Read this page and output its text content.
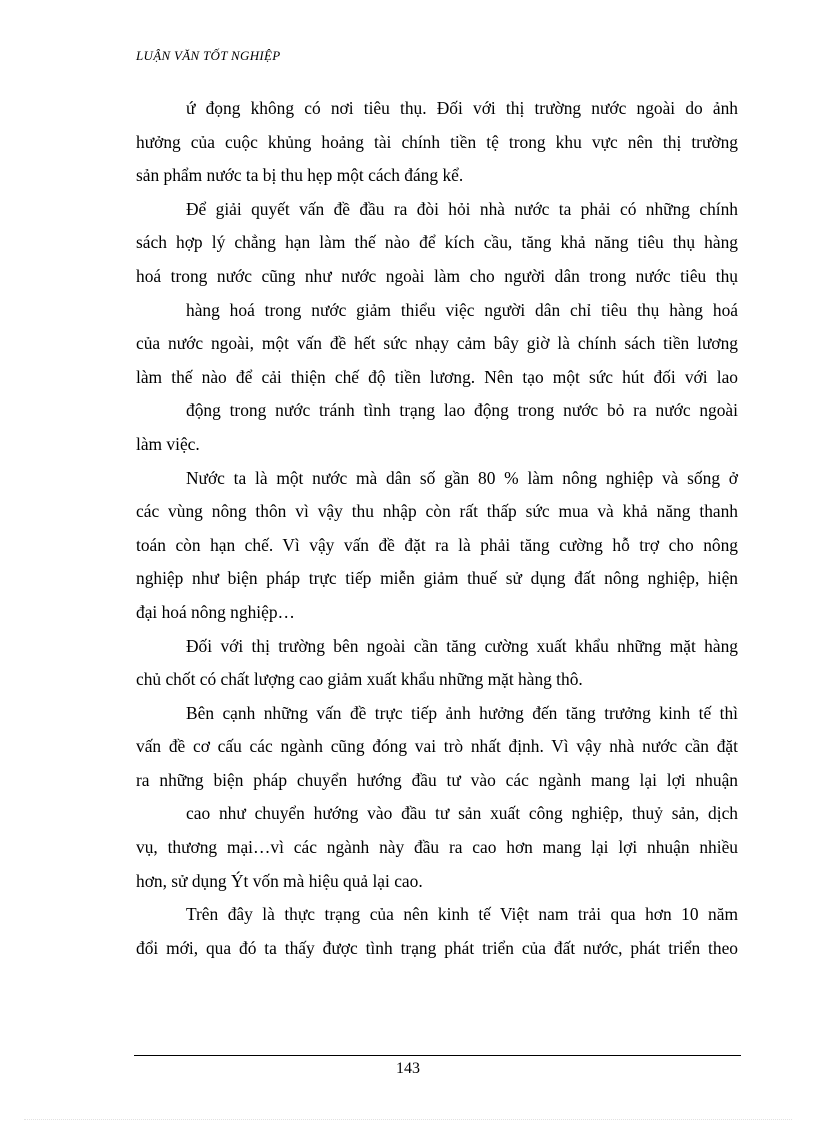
LUẬN VĂN TỐT NGHIỆP
ứ đọng không có nơi tiêu thụ. Đối với thị trường nước ngoài do ảnh
hưởng của cuộc khủng hoảng tài chính tiền tệ trong khu vực nên thị trường
sản phẩm nước ta bị thu hẹp một cách đáng kể.
Để giải quyết vấn đề đầu ra đòi hỏi nhà nước ta phải có những chính
sách hợp lý chẳng hạn làm thế nào để kích cầu, tăng khả năng tiêu thụ hàng
hoá trong nước cũng như nước ngoài làm cho người dân trong nước tiêu thụ
hàng hoá trong nước giảm thiểu việc người dân chỉ tiêu thụ hàng hoá
của nước ngoài, một vấn đề hết sức nhạy cảm bây giờ là chính sách tiền lương
làm thế nào để cải thiện chế độ tiền lương. Nên tạo một sức hút đối với lao
động trong nước tránh tình trạng lao động trong nước bỏ ra nước ngoài
làm việc.
Nước ta là một nước mà dân số gần 80 % làm nông nghiệp và sống ở
các vùng nông thôn vì vậy thu nhập còn rất thấp sức mua và khả năng thanh
toán còn hạn chế. Vì vậy vấn đề đặt ra là phải tăng cường hỗ trợ cho nông
nghiệp như biện pháp trực tiếp miễn giảm thuế sử dụng đất nông nghiệp, hiện
đại hoá nông nghiệp…
Đối với thị trường bên ngoài cần tăng cường xuất khẩu những mặt hàng
chủ chốt có chất lượng cao giảm xuất khẩu những mặt hàng thô.
Bên cạnh những vấn đề trực tiếp ảnh hưởng đến tăng trưởng kinh tế thì
vấn đề cơ cấu các ngành cũng đóng vai trò nhất định. Vì vậy nhà nước cần đặt
ra những biện pháp chuyển hướng đầu tư vào các ngành mang lại lợi nhuận
cao như chuyển hướng vào đầu tư sản xuất công nghiệp, thuỷ sản, dịch
vụ, thương mại…vì các ngành này đầu ra cao hơn mang lại lợi nhuận nhiều
hơn, sử dụng Ýt vốn mà hiệu quả lại cao.
Trên đây là thực trạng của nên kinh tế Việt nam trải qua hơn 10 năm
đổi mới, qua đó ta thấy được tình trạng phát triển của đất nước, phát triển theo
143
